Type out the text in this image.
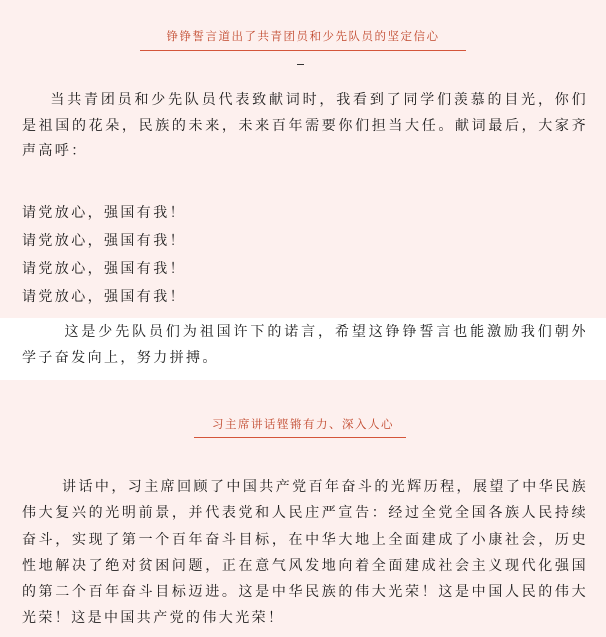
铮铮誓言道出了共青团员和少先队员的坚定信心
当共青团员和少先队员代表致献词时，我看到了同学们羡慕的目光，你们是祖国的花朵，民族的未来，未来百年需要你们担当大任。献词最后，大家齐声高呼：
请党放心，强国有我！
请党放心，强国有我！
请党放心，强国有我！
请党放心，强国有我！
这是少先队员们为祖国许下的诺言，希望这铮铮誓言也能激励我们朝外学子奋发向上，努力拼搏。
习主席讲话铿锵有力、深入人心
讲话中，习主席回顾了中国共产党百年奋斗的光辉历程，展望了中华民族伟大复兴的光明前景，并代表党和人民庄严宣告：经过全党全国各族人民持续奋斗，实现了第一个百年奋斗目标，在中华大地上全面建成了小康社会，历史性地解决了绝对贫困问题，正在意气风发地向着全面建成社会主义现代化强国的第二个百年奋斗目标迈进。这是中华民族的伟大光荣！这是中国人民的伟大光荣！这是中国共产党的伟大光荣！
